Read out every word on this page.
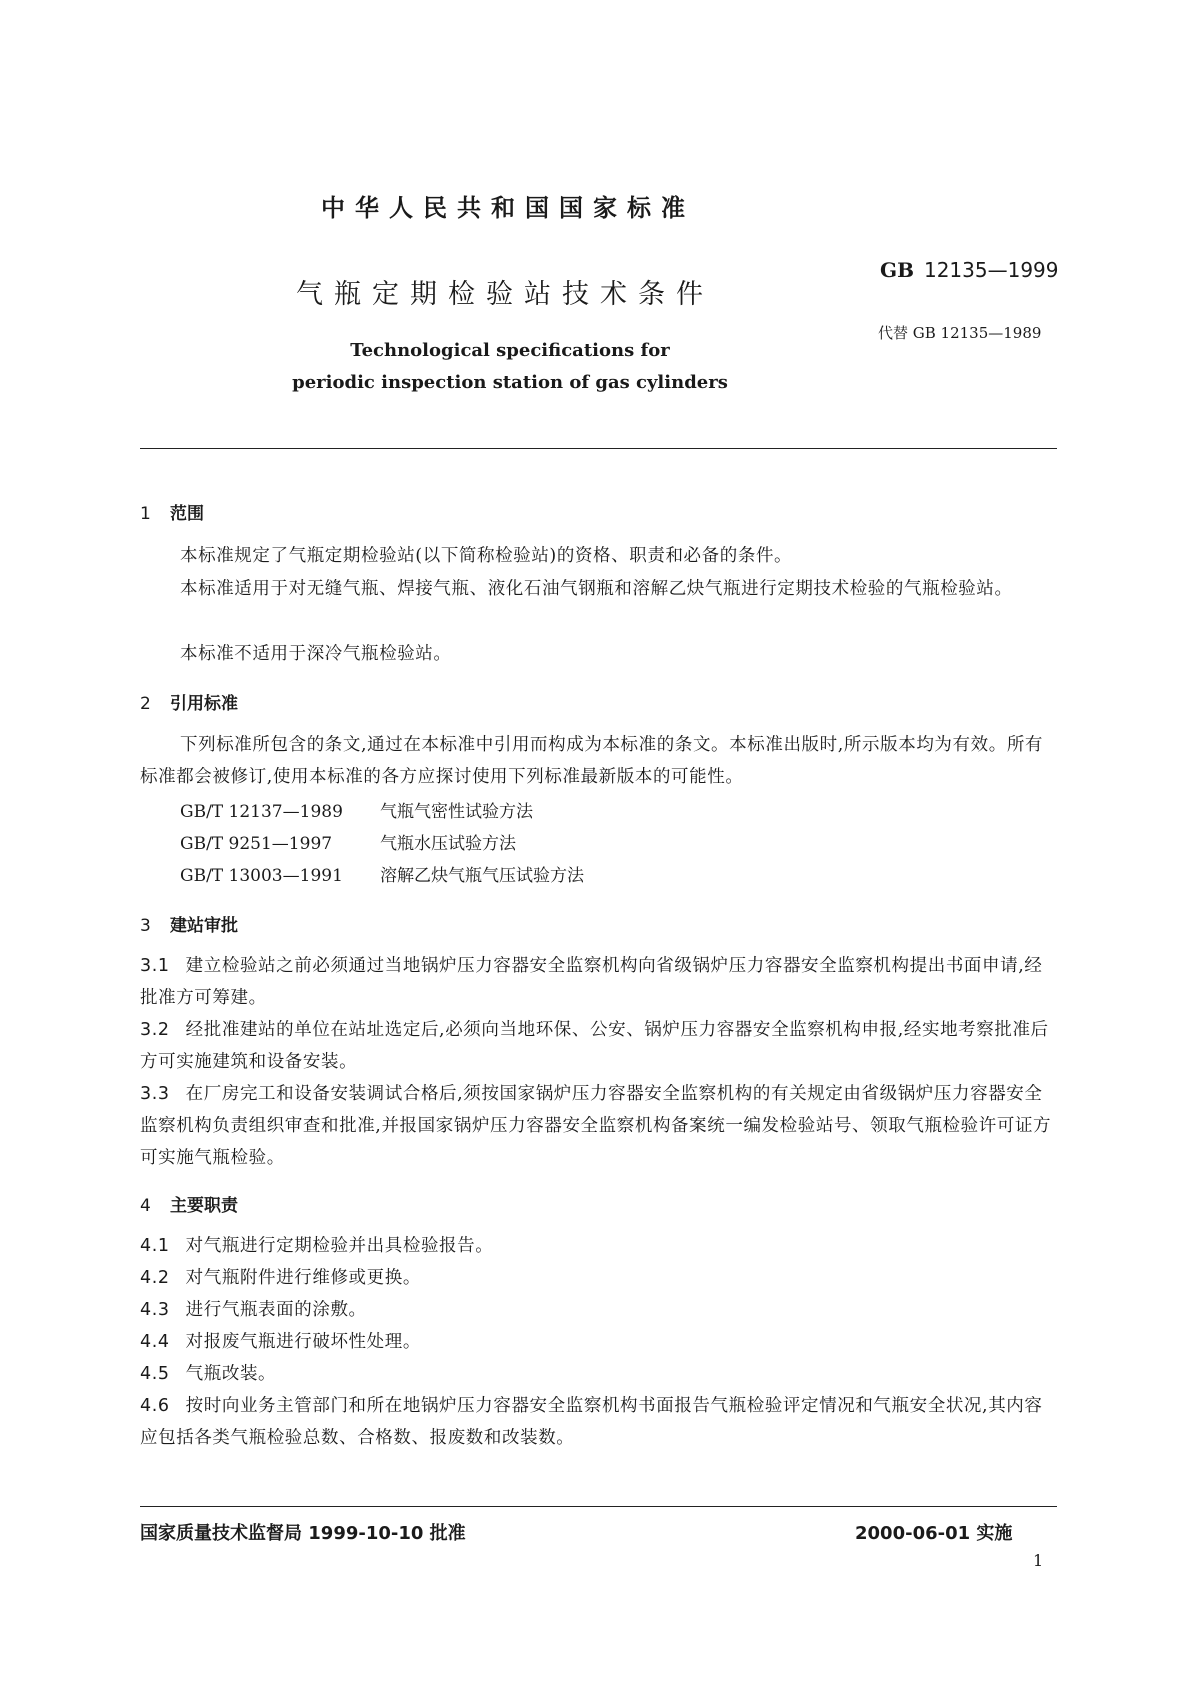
中华人民共和国国家标准
气瓶定期检验站技术条件
GB 12135—1999
代替 GB 12135—1989
Technological specifications for
periodic inspection station of gas cylinders
1 范围
本标准规定了气瓶定期检验站(以下简称检验站)的资格、职责和必备的条件。
本标准适用于对无缝气瓶、焊接气瓶、液化石油气钢瓶和溶解乙炔气瓶进行定期技术检验的气瓶检验站。
本标准不适用于深冷气瓶检验站。
2 引用标准
下列标准所包含的条文,通过在本标准中引用而构成为本标准的条文。本标准出版时,所示版本均为有效。所有标准都会被修订,使用本标准的各方应探讨使用下列标准最新版本的可能性。
GB/T 12137—1989 气瓶气密性试验方法
GB/T 9251—1997	气瓶水压试验方法
GB/T 13003—1991 溶解乙炔气瓶气压试验方法
3 建站审批
3.1 建立检验站之前必须通过当地锅炉压力容器安全监察机构向省级锅炉压力容器安全监察机构提出书面申请,经批准方可筹建。
3.2 经批准建站的单位在站址选定后,必须向当地环保、公安、锅炉压力容器安全监察机构申报,经实地考察批准后方可实施建筑和设备安装。
3.3 在厂房完工和设备安装调试合格后,须按国家锅炉压力容器安全监察机构的有关规定由省级锅炉压力容器安全监察机构负责组织审查和批准,并报国家锅炉压力容器安全监察机构备案统一编发检验站号、领取气瓶检验许可证方可实施气瓶检验。
4 主要职责
4.1 对气瓶进行定期检验并出具检验报告。
4.2 对气瓶附件进行维修或更换。
4.3 进行气瓶表面的涂敷。
4.4 对报废气瓶进行破坏性处理。
4.5 气瓶改装。
4.6 按时向业务主管部门和所在地锅炉压力容器安全监察机构书面报告气瓶检验评定情况和气瓶安全状况,其内容应包括各类气瓶检验总数、合格数、报废数和改装数。
国家质量技术监督局 1999-10-10 批准	2000-06-01 实施
1
